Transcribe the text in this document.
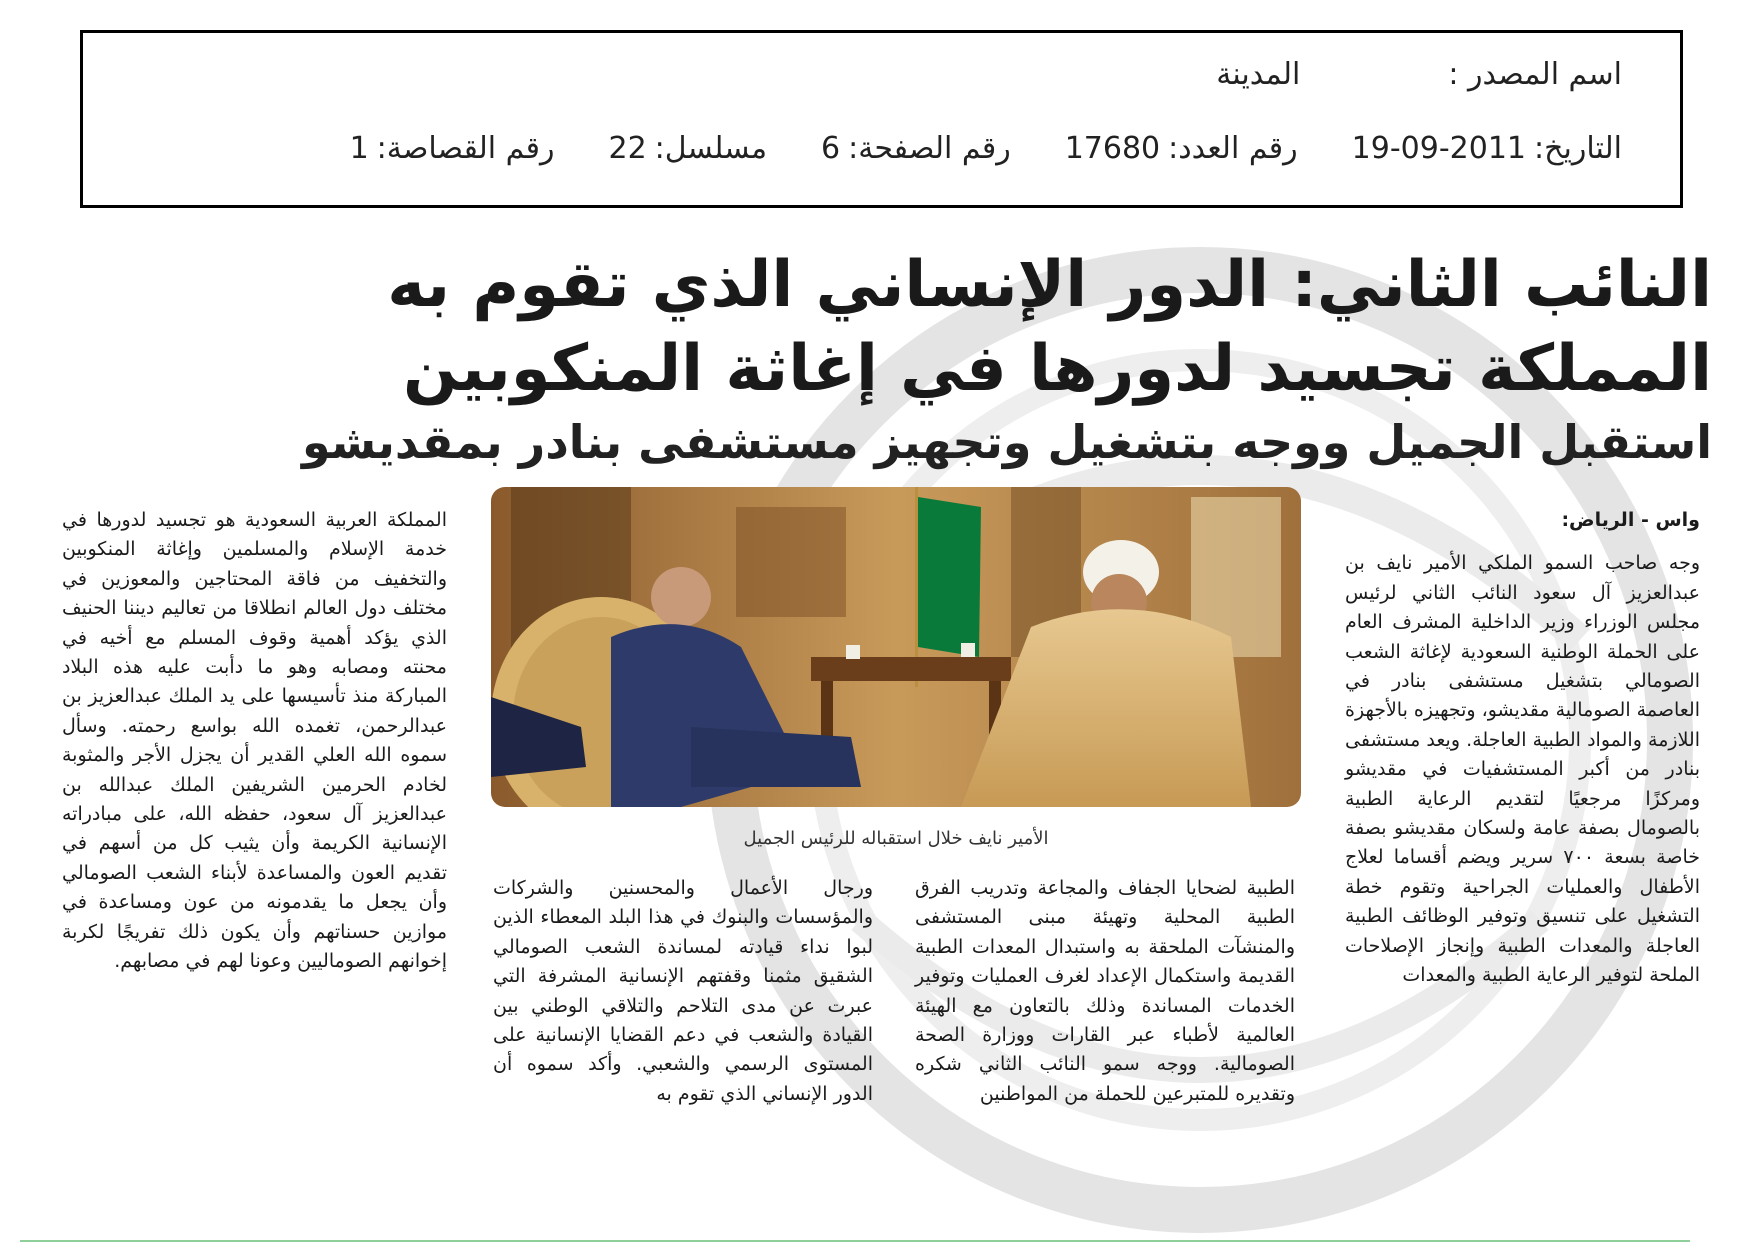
اسم المصدر :المدينة
التاريخ:2011-09-19رقم العدد:17680رقم الصفحة:6مسلسل:22رقم القصاصة:1
النائب الثاني: الدور الإنساني الذي تقوم به
المملكة تجسيد لدورها في إغاثة المنكوبين
استقبل الجميل ووجه بتشغيل وتجهيز مستشفى بنادر بمقديشو
الأمير نايف خلال استقباله للرئيس الجميل
واس - الرياض:

وجه صاحب السمو الملكي الأمير نايف بن عبدالعزيز آل سعود النائب الثاني لرئيس مجلس الوزراء وزير الداخلية المشرف العام على الحملة الوطنية السعودية لإغاثة الشعب الصومالي بتشغيل مستشفى بنادر في العاصمة الصومالية مقديشو، وتجهيزه بالأجهزة اللازمة والمواد الطبية العاجلة. ويعد مستشفى بنادر من أكبر المستشفيات في مقديشو ومركزًا مرجعيًا لتقديم الرعاية الطبية بالصومال بصفة عامة ولسكان مقديشو بصفة خاصة بسعة ٧٠٠ سرير ويضم أقساما لعلاج الأطفال والعمليات الجراحية وتقوم خطة التشغيل على تنسيق وتوفير الوظائف الطبية العاجلة والمعدات الطبية وإنجاز الإصلاحات الملحة لتوفير الرعاية الطبية والمعدات

الطبية لضحايا الجفاف والمجاعة وتدريب الفرق الطبية المحلية وتهيئة مبنى المستشفى والمنشآت الملحقة به واستبدال المعدات الطبية القديمة واستكمال الإعداد لغرف العمليات وتوفير الخدمات المساندة وذلك بالتعاون مع الهيئة العالمية لأطباء عبر القارات ووزارة الصحة الصومالية. ووجه سمو النائب الثاني شكره وتقديره للمتبرعين للحملة من المواطنين

ورجال الأعمال والمحسنين والشركات والمؤسسات والبنوك في هذا البلد المعطاء الذين لبوا نداء قيادته لمساندة الشعب الصومالي الشقيق مثمنا وقفتهم الإنسانية المشرفة التي عبرت عن مدى التلاحم والتلاقي الوطني بين القيادة والشعب في دعم القضايا الإنسانية على المستوى الرسمي والشعبي. وأكد سموه أن الدور الإنساني الذي تقوم به

المملكة العربية السعودية هو تجسيد لدورها في خدمة الإسلام والمسلمين وإغاثة المنكوبين والتخفيف من فاقة المحتاجين والمعوزين في مختلف دول العالم انطلاقا من تعاليم ديننا الحنيف الذي يؤكد أهمية وقوف المسلم مع أخيه في محنته ومصابه وهو ما دأبت عليه هذه البلاد المباركة منذ تأسيسها على يد الملك عبدالعزيز بن عبدالرحمن، تغمده الله بواسع رحمته. وسأل سموه الله العلي القدير أن يجزل الأجر والمثوبة لخادم الحرمين الشريفين الملك عبدالله بن عبدالعزيز آل سعود، حفظه الله، على مبادراته الإنسانية الكريمة وأن يثيب كل من أسهم في تقديم العون والمساعدة لأبناء الشعب الصومالي وأن يجعل ما يقدمونه من عون ومساعدة في موازين حسناتهم وأن يكون ذلك تفريجًا لكربة إخوانهم الصوماليين وعونا لهم في مصابهم.
